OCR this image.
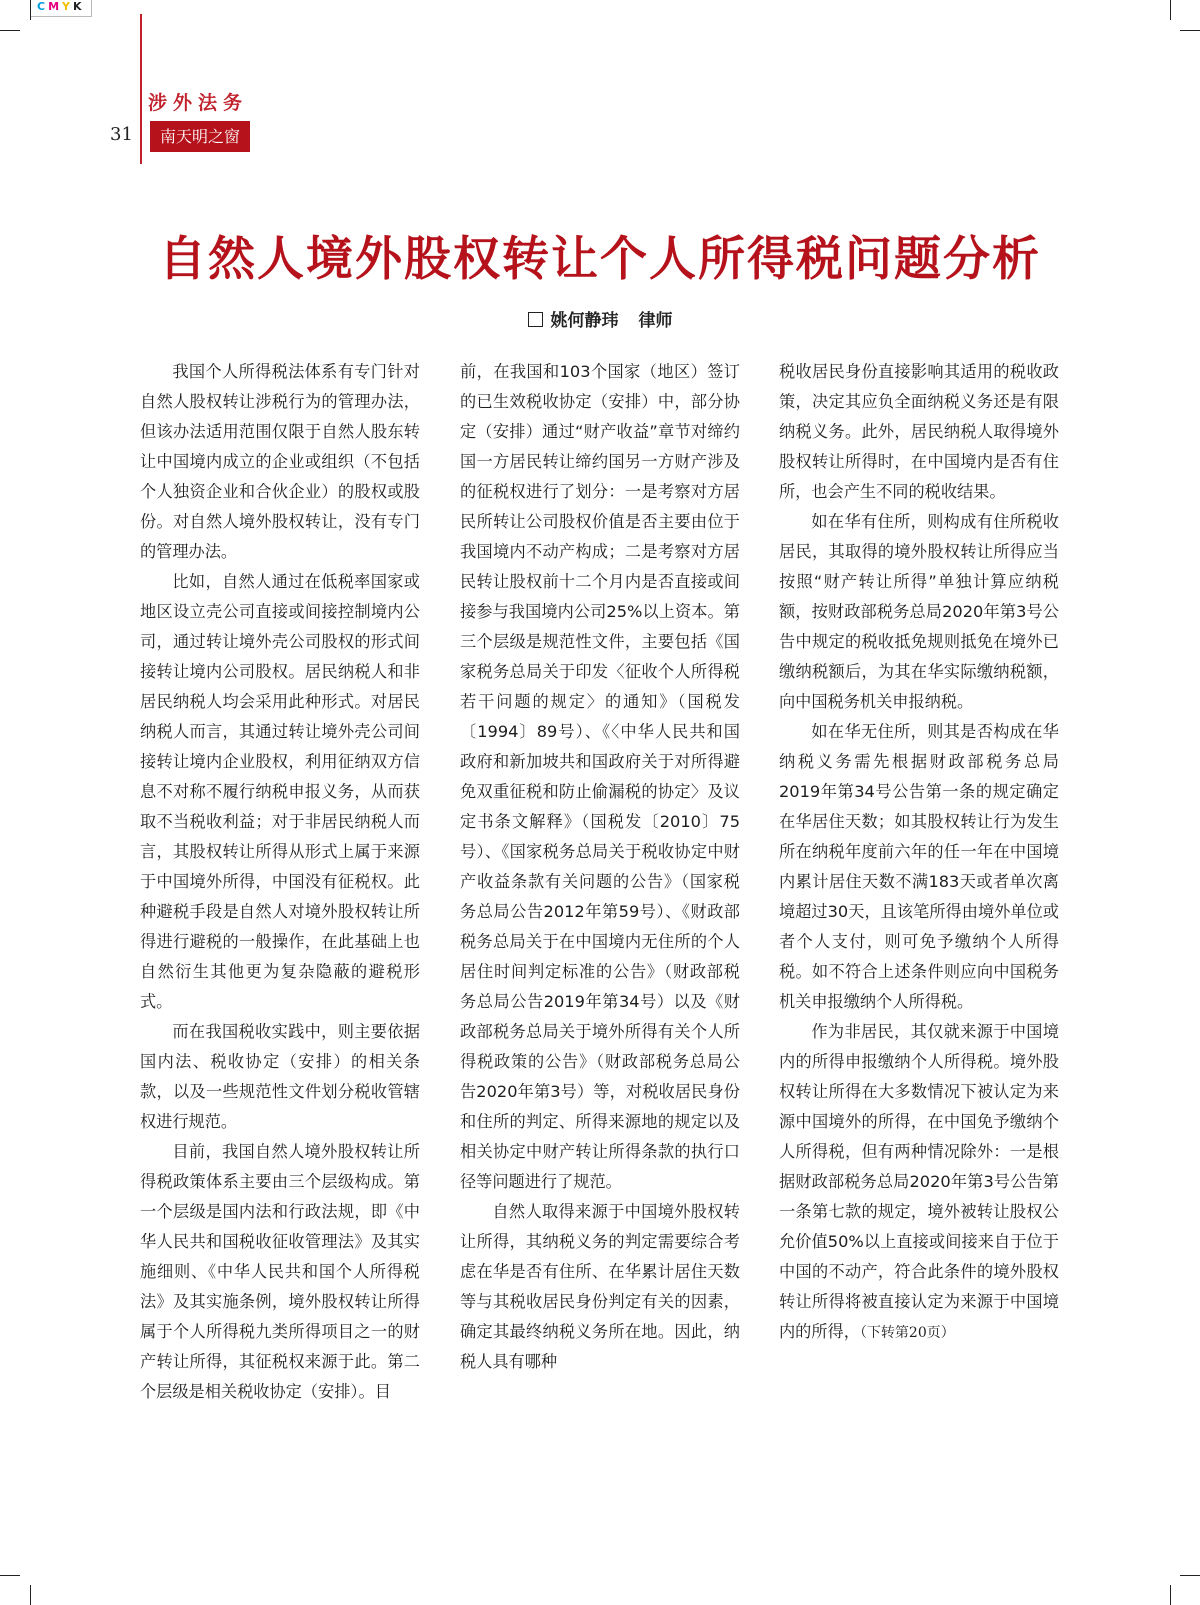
C M Y K
涉外法务
31	南天明之窗
自然人境外股权转让个人所得税问题分析
姚何静玮 律师

我国个人所得税法体系有专门针对自然人股权转让涉税行为的管理办法，但该办法适用范围仅限于自然人股东转让中国境内成立的企业或组织（不包括个人独资企业和合伙企业）的股权或股份。对自然人境外股权转让，没有专门的管理办法。

比如，自然人通过在低税率国家或地区设立壳公司直接或间接控制境内公司，通过转让境外壳公司股权的形式间接转让境内公司股权。居民纳税人和非居民纳税人均会采用此种形式。对居民纳税人而言，其通过转让境外壳公司间接转让境内企业股权，利用征纳双方信息不对称不履行纳税申报义务，从而获取不当税收利益；对于非居民纳税人而言，其股权转让所得从形式上属于来源于中国境外所得，中国没有征税权。此种避税手段是自然人对境外股权转让所得进行避税的一般操作，在此基础上也自然衍生其他更为复杂隐蔽的避税形式。

而在我国税收实践中，则主要依据国内法、税收协定（安排）的相关条款，以及一些规范性文件划分税收管辖权进行规范。

目前，我国自然人境外股权转让所得税政策体系主要由三个层级构成。第一个层级是国内法和行政法规，即《中华人民共和国税收征收管理法》及其实施细则、《中华人民共和国个人所得税法》及其实施条例，境外股权转让所得属于个人所得税九类所得项目之一的财产转让所得，其征税权来源于此。第二个层级是相关税收协定（安排）。目

前，在我国和103个国家（地区）签订的已生效税收协定（安排）中，部分协定（安排）通过“财产收益”章节对缔约国一方居民转让缔约国另一方财产涉及的征税权进行了划分：一是考察对方居民所转让公司股权价值是否主要由位于我国境内不动产构成；二是考察对方居民转让股权前十二个月内是否直接或间接参与我国境内公司25%以上资本。第三个层级是规范性文件，主要包括《国家税务总局关于印发〈征收个人所得税若干问题的规定〉的通知》（国税发〔1994〕89号）、《〈中华人民共和国政府和新加坡共和国政府关于对所得避免双重征税和防止偷漏税的协定〉及议定书条文解释》（国税发〔2010〕75号）、《国家税务总局关于税收协定中财产收益条款有关问题的公告》（国家税务总局公告2012年第59号）、《财政部税务总局关于在中国境内无住所的个人居住时间判定标准的公告》（财政部税务总局公告2019年第34号）以及《财政部税务总局关于境外所得有关个人所得税政策的公告》（财政部税务总局公告2020年第3号）等，对税收居民身份和住所的判定、所得来源地的规定以及相关协定中财产转让所得条款的执行口径等问题进行了规范。

自然人取得来源于中国境外股权转让所得，其纳税义务的判定需要综合考虑在华是否有住所、在华累计居住天数等与其税收居民身份判定有关的因素，确定其最终纳税义务所在地。因此，纳税人具有哪种

税收居民身份直接影响其适用的税收政策，决定其应负全面纳税义务还是有限纳税义务。此外，居民纳税人取得境外股权转让所得时，在中国境内是否有住所，也会产生不同的税收结果。

如在华有住所，则构成有住所税收居民，其取得的境外股权转让所得应当按照“财产转让所得”单独计算应纳税额，按财政部税务总局2020年第3号公告中规定的税收抵免规则抵免在境外已缴纳税额后，为其在华实际缴纳税额，向中国税务机关申报纳税。

如在华无住所，则其是否构成在华纳税义务需先根据财政部税务总局2019年第34号公告第一条的规定确定在华居住天数；如其股权转让行为发生所在纳税年度前六年的任一年在中国境内累计居住天数不满183天或者单次离境超过30天，且该笔所得由境外单位或者个人支付，则可免予缴纳个人所得税。如不符合上述条件则应向中国税务机关申报缴纳个人所得税。

作为非居民，其仅就来源于中国境内的所得申报缴纳个人所得税。境外股权转让所得在大多数情况下被认定为来源中国境外的所得，在中国免予缴纳个人所得税，但有两种情况除外：一是根据财政部税务总局2020年第3号公告第一条第七款的规定，境外被转让股权公允价值50%以上直接或间接来自于位于中国的不动产，符合此条件的境外股权转让所得将被直接认定为来源于中国境内的所得，（下转第20页）
